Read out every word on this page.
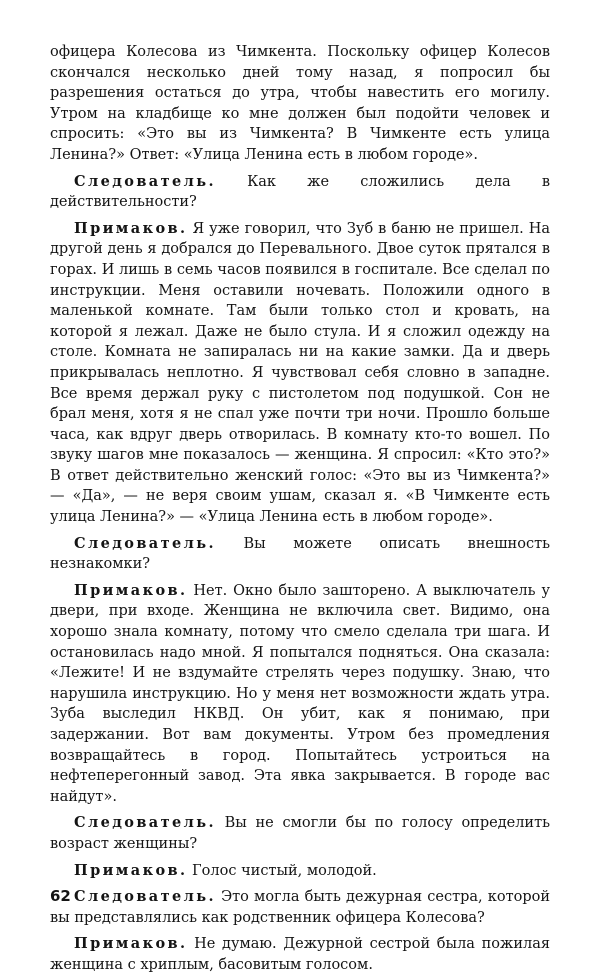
офицера Колесова из Чимкента. Поскольку офицер Колесов скончался несколько дней тому назад, я попросил бы разрешения остаться до утра, чтобы навестить его могилу. Утром на кладбище ко мне должен был подойти человек и спросить: «Это вы из Чимкента? В Чимкенте есть улица Ленина?» Ответ: «Улица Ленина есть в любом городе».

Следователь. Как же сложились дела в действительности?

Примаков. Я уже говорил, что Зуб в баню не пришел. На другой день я добрался до Перевального. Двое суток прятался в горах. И лишь в семь часов появился в госпитале. Все сделал по инструкции. Меня оставили ночевать. Положили одного в маленькой комнате. Там были только стол и кровать, на которой я лежал. Даже не было стула. И я сложил одежду на столе. Комната не запиралась ни на какие замки. Да и дверь прикрывалась неплотно. Я чувствовал себя словно в западне. Все время держал руку с пистолетом под подушкой. Сон не брал меня, хотя я не спал уже почти три ночи. Прошло больше часа, как вдруг дверь отворилась. В комнату кто-то вошел. По звуку шагов мне показалось — женщина. Я спросил: «Кто это?» В ответ действительно женский голос: «Это вы из Чимкента?» — «Да», — не веря своим ушам, сказал я. «В Чимкенте есть улица Ленина?» — «Улица Ленина есть в любом городе».

Следователь. Вы можете описать внешность незнакомки?

Примаков. Нет. Окно было зашторено. А выключатель у двери, при входе. Женщина не включила свет. Видимо, она хорошо знала комнату, потому что смело сделала три шага. И остановилась надо мной. Я попытался подняться. Она сказала: «Лежите! И не вздумайте стрелять через подушку. Знаю, что нарушила инструкцию. Но у меня нет возможности ждать утра. Зуба выследил НКВД. Он убит, как я понимаю, при задержании. Вот вам документы. Утром без промедления возвращайтесь в город. Попытайтесь устроиться на нефтеперегонный завод. Эта явка закрывается. В городе вас найдут».

Следователь. Вы не смогли бы по голосу определить возраст женщины?

Примаков. Голос чистый, молодой.

Следователь. Это могла быть дежурная сестра, которой вы представлялись как родственник офицера Колесова?

Примаков. Не думаю. Дежурной сестрой была пожилая женщина с хриплым, басовитым голосом.

62
